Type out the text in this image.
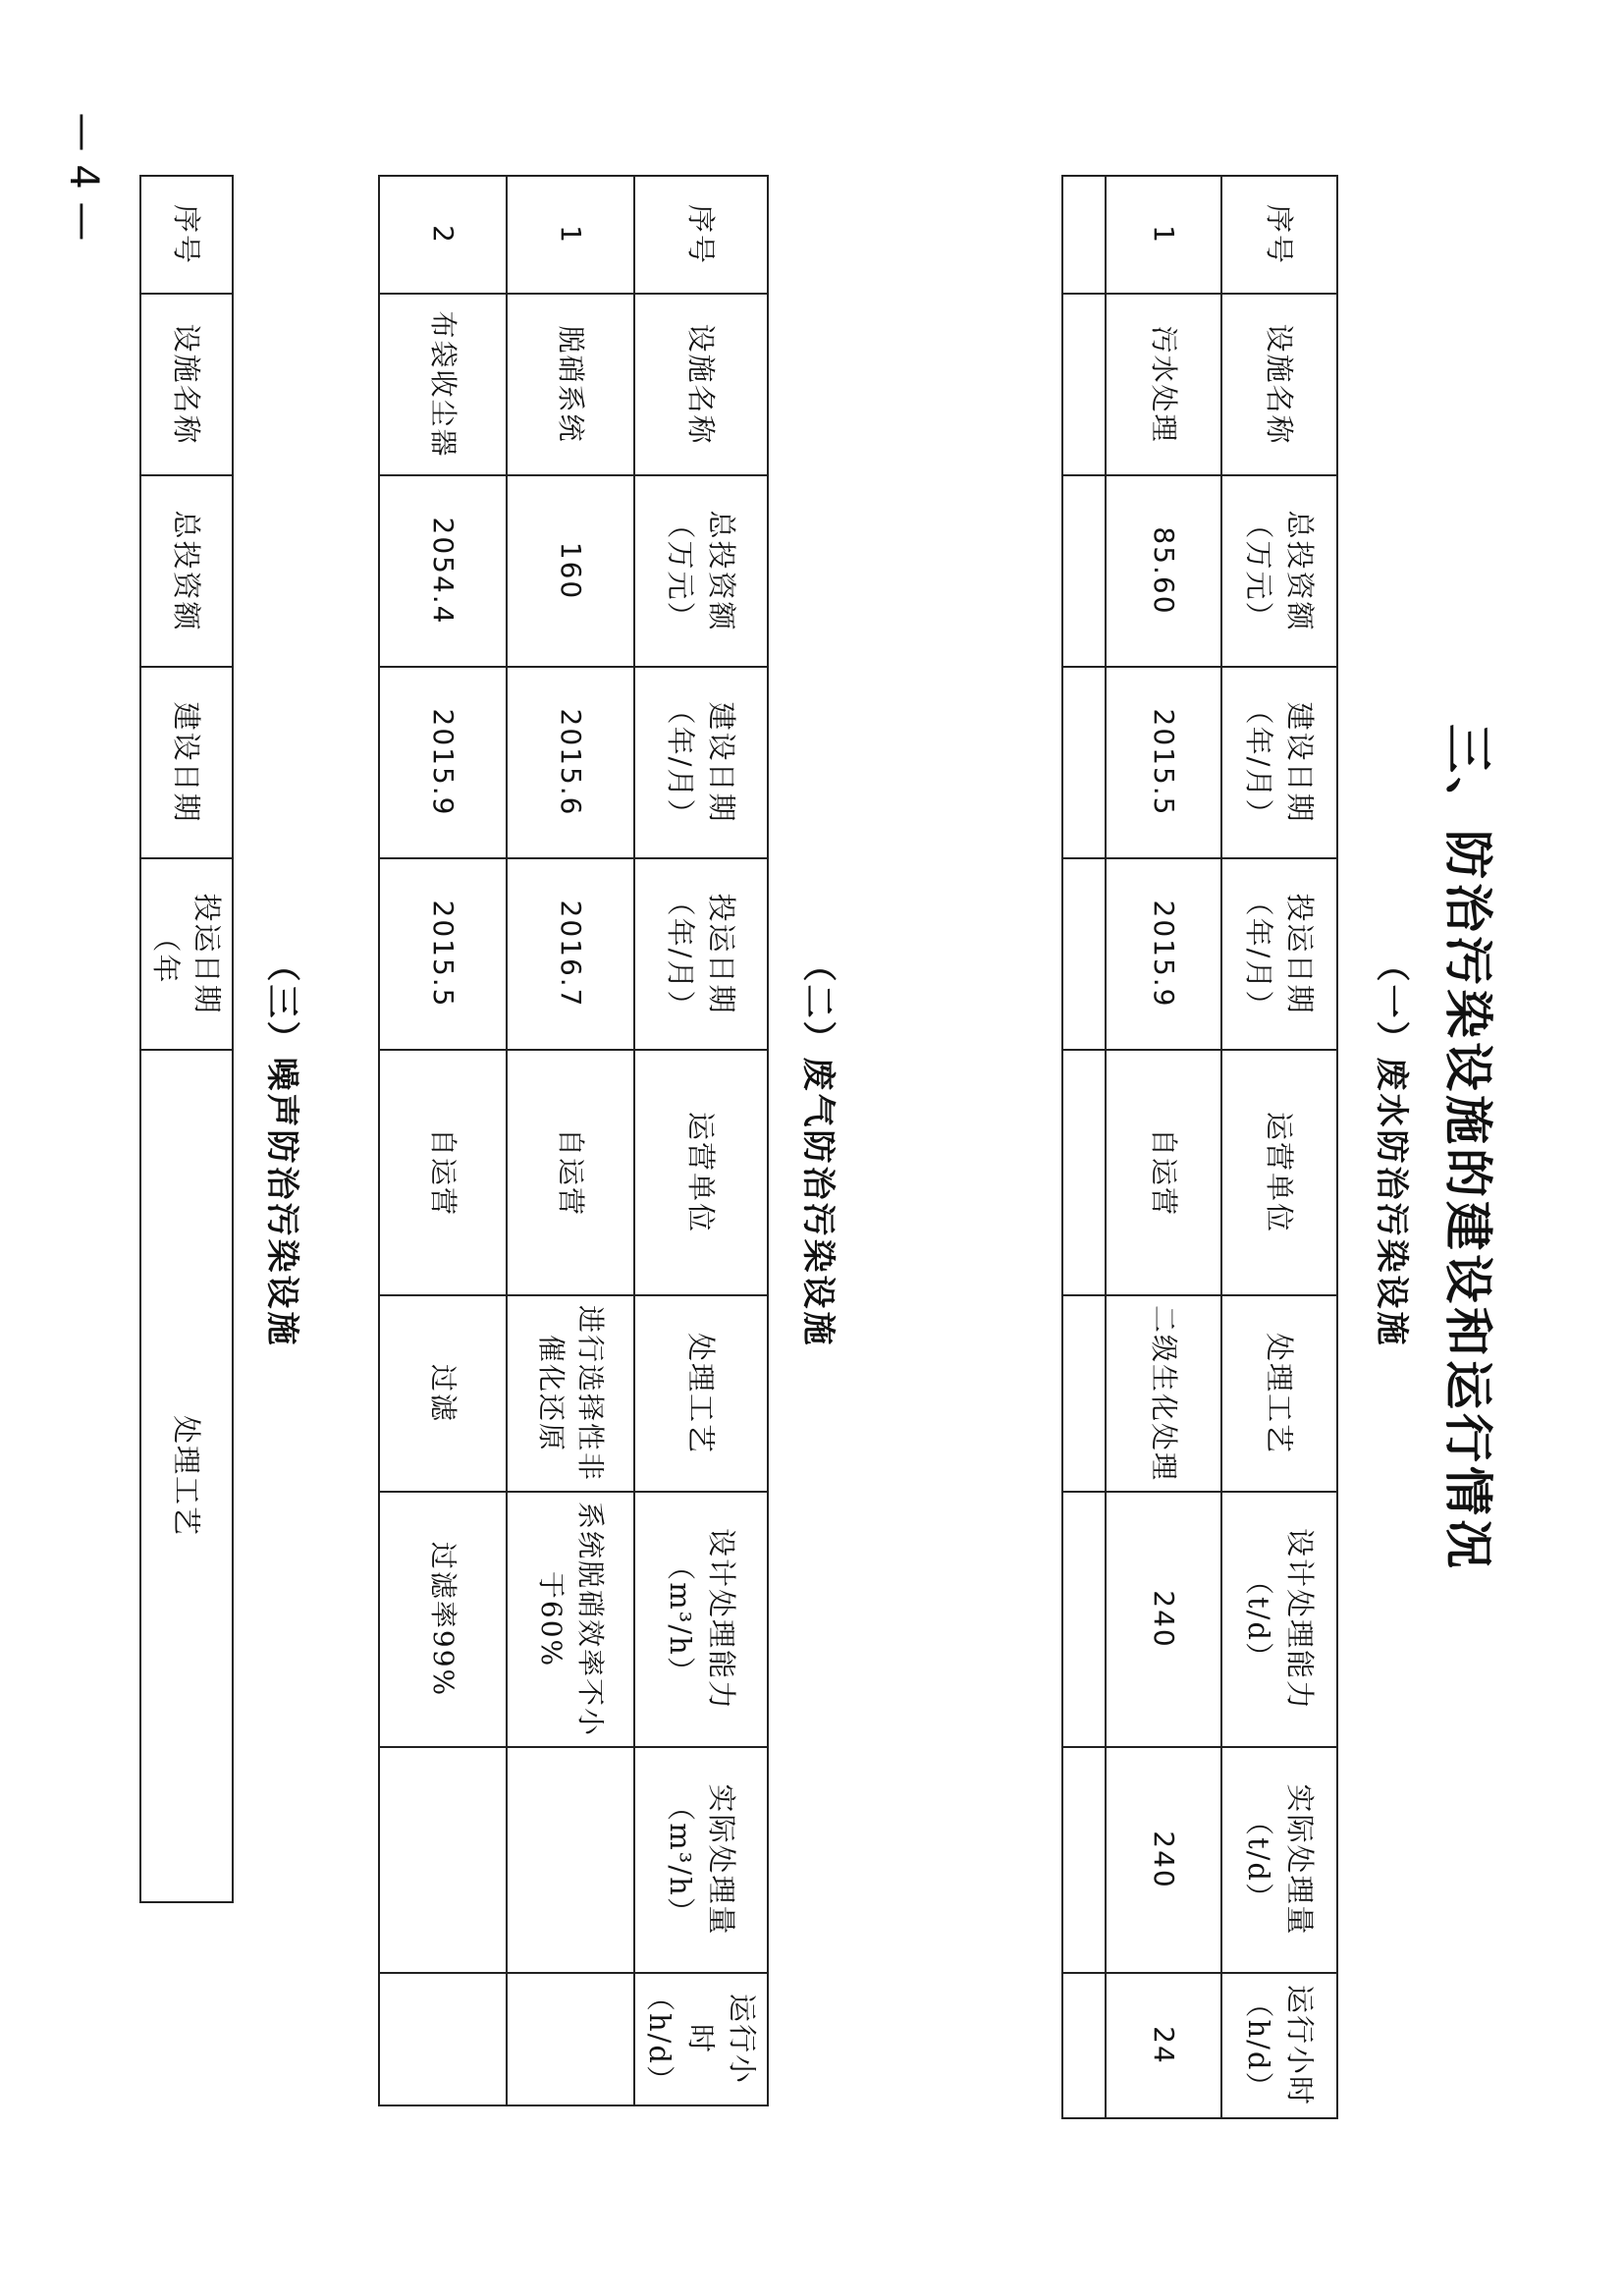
三、防治污染设施的建设和运行情况
（一）废水防治污染设施
序号	设施名称	总投资额（万元）	建设日期（年/月）	投运日期（年/月）	运营单位	处理工艺	设计处理能力（t/d）	实际处理量（t/d）	运行小时（h/d）
1	污水处理	85.60	2015.5	2015.9	自运营	二级生化处理	240	240	24

（二）废气防治污染设施
序号	设施名称	总投资额（万元）	建设日期（年/月）	投运日期（年/月）	运营单位	处理工艺	设计处理能力（m³/h）	实际处理量（m³/h）	运行小时（h/d）
1	脱硝系统	160	2015.6	2016.7	自运营	进行选择性非催化还原	系统脱硝效率不小于60%		
2	布袋收尘器	2054.4	2015.9	2015.5	自运营	过滤	过滤率99%		
（三）噪声防治污染设施
序号	设施名称	总投资额	建设日期	投运日期（年	处理工艺
— 4 —
